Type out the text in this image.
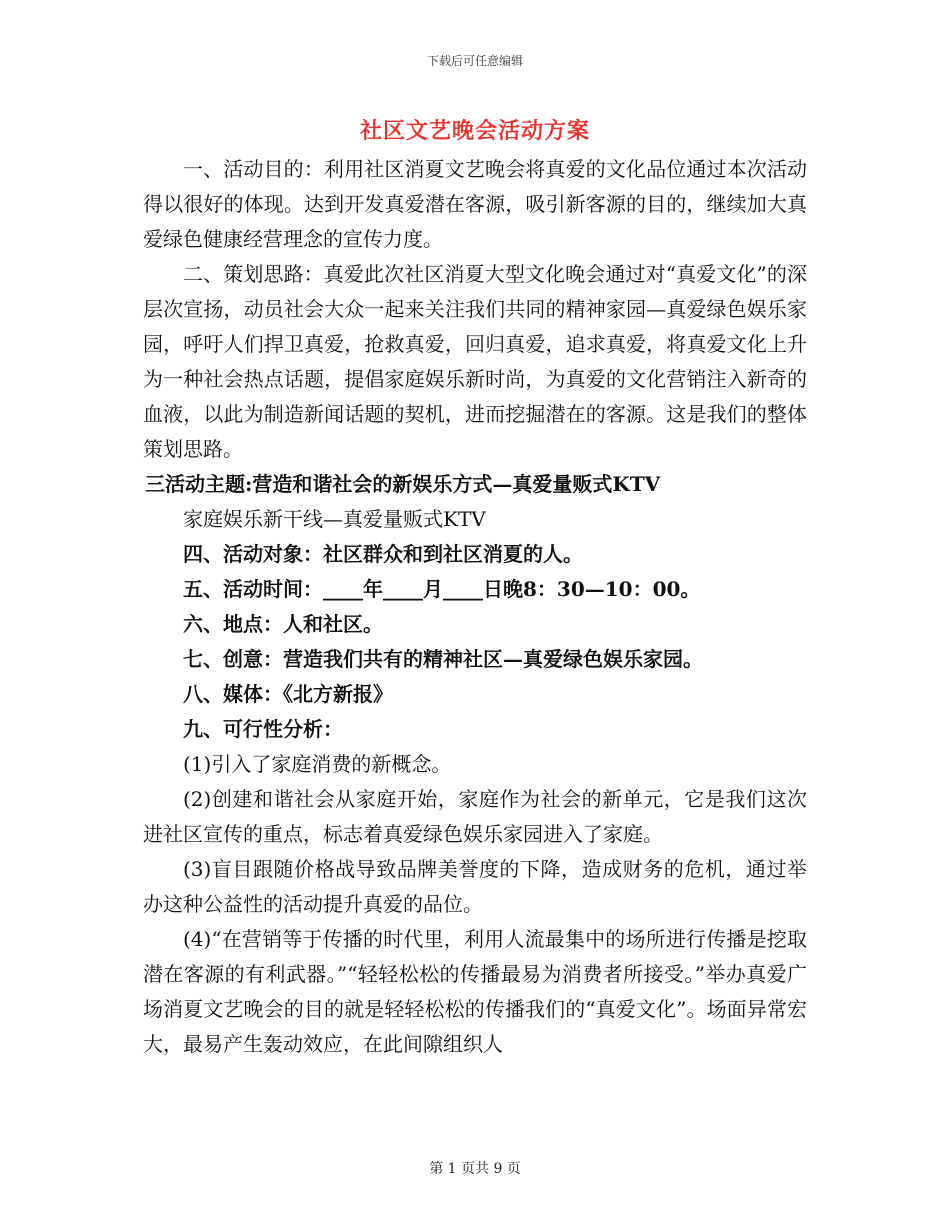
下载后可任意编辑
社区文艺晚会活动方案

一、活动目的：利用社区消夏文艺晚会将真爱的文化品位通过本次活动得以很好的体现。达到开发真爱潜在客源，吸引新客源的目的，继续加大真爱绿色健康经营理念的宣传力度。

二、策划思路：真爱此次社区消夏大型文化晚会通过对“真爱文化”的深层次宣扬，动员社会大众一起来关注我们共同的精神家园—真爱绿色娱乐家园，呼吁人们捍卫真爱，抢救真爱，回归真爱，追求真爱，将真爱文化上升为一种社会热点话题，提倡家庭娱乐新时尚，为真爱的文化营销注入新奇的血液，以此为制造新闻话题的契机，进而挖掘潜在的客源。这是我们的整体策划思路。

三活动主题:营造和谐社会的新娱乐方式—真爱量贩式KTV

家庭娱乐新干线—真爱量贩式KTV

四、活动对象：社区群众和到社区消夏的人。

五、活动时间：____年____月____日晚8：30—10：00。

六、地点：人和社区。

七、创意：营造我们共有的精神社区—真爱绿色娱乐家园。

八、媒体：《北方新报》

九、可行性分析：

(1)引入了家庭消费的新概念。

(2)创建和谐社会从家庭开始，家庭作为社会的新单元，它是我们这次进社区宣传的重点，标志着真爱绿色娱乐家园进入了家庭。

(3)盲目跟随价格战导致品牌美誉度的下降，造成财务的危机，通过举办这种公益性的活动提升真爱的品位。

(4)“在营销等于传播的时代里，利用人流最集中的场所进行传播是挖取潜在客源的有利武器。”“轻轻松松的传播最易为消费者所接受。”举办真爱广场消夏文艺晚会的目的就是轻轻松松的传播我们的“真爱文化”。场面异常宏大，最易产生轰动效应，在此间隙组织人

第 1 页共 9 页
